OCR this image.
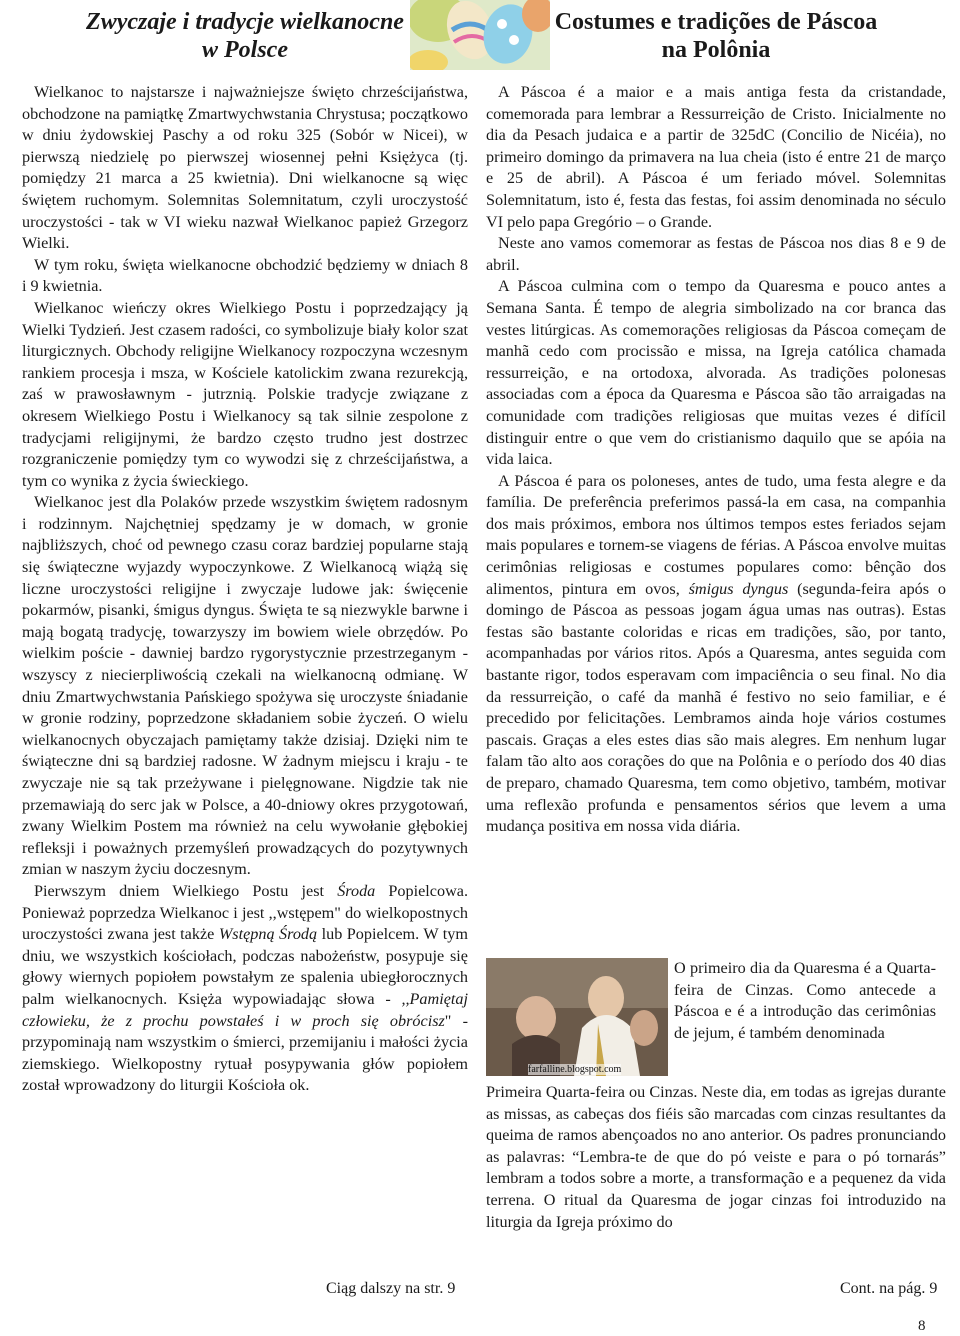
Zwyczaje i tradycje wielkanocne
w Polsce

Wielkanoc to najstarsze i najważniejsze święto chrześcijaństwa, obchodzone na pamiątkę Zmartwychwstania Chrystusa; początkowo w dniu żydowskiej Paschy a od roku 325 (Sobór w Nicei), w pierwszą niedzielę po pierwszej wiosennej pełni Księżyca (tj. pomiędzy 21 marca a 25 kwietnia). Dni wielkanocne są więc świętem ruchomym. Solemnitas Solemnitatum, czyli uroczystość uroczystości - tak w VI wieku nazwał Wielkanoc papież Grzegorz Wielki.

W tym roku, święta wielkanocne obchodzić będziemy w dniach 8 i 9 kwietnia.

Wielkanoc wieńczy okres Wielkiego Postu i poprzedzający ją Wielki Tydzień. Jest czasem radości, co symbolizuje biały kolor szat liturgicznych. Obchody religijne Wielkanocy rozpoczyna wczesnym rankiem procesja i msza, w Kościele katolickim zwana rezurekcją, zaś w prawosławnym - jutrznią. Polskie tradycje związane z okresem Wielkiego Postu i Wielkanocy są tak silnie zespolone z tradycjami religijnymi, że bardzo często trudno jest dostrzec rozgraniczenie pomiędzy tym co wywodzi się z chrześcijaństwa, a tym co wynika z życia świeckiego.

Wielkanoc jest dla Polaków przede wszystkim świętem radosnym i rodzinnym. Najchętniej spędzamy je w domach, w gronie najbliższych, choć od pewnego czasu coraz bardziej popularne stają się świąteczne wyjazdy wypoczynkowe. Z Wielkanocą wiążą się liczne uroczystości religijne i zwyczaje ludowe jak: święcenie pokarmów, pisanki, śmigus dyngus. Święta te są niezwykle barwne i mają bogatą tradycję, towarzyszy im bowiem wiele obrzędów. Po wielkim poście - dawniej bardzo rygorystycznie przestrzeganym - wszyscy z niecierpliwością czekali na wielkanocną odmianę. W dniu Zmartwychwstania Pańskiego spożywa się uroczyste śniadanie w gronie rodziny, poprzedzone składaniem sobie życzeń. O wielu wielkanocnych obyczajach pamiętamy także dzisiaj. Dzięki nim te świąteczne dni są bardziej radosne. W żadnym miejscu i kraju - te zwyczaje nie są tak przeżywane i pielęgnowane. Nigdzie tak nie przemawiają do serc jak w Polsce, a 40-dniowy okres przygotowań, zwany Wielkim Postem ma również na celu wywołanie głębokiej refleksji i poważnych przemyśleń prowadzących do pozytywnych zmian w naszym życiu doczesnym.

Pierwszym dniem Wielkiego Postu jest Środa Popielcowa. Ponieważ poprzedza Wielkanoc i jest ,,wstępem" do wielkopostnych uroczystości zwana jest także Wstępną Środą lub Popielcem. W tym dniu, we wszystkich kościołach, podczas nabożeństw, posypuje się głowy wiernych popiołem powstałym ze spalenia ubiegłorocznych palm wielkanocnych. Księża wypowiadając słowa - ,,Pamiętaj człowieku, że z prochu powstałeś i w proch się obrócisz" - przypominają nam wszystkim o śmierci, przemijaniu i małości życia ziemskiego. Wielkopostny rytuał posypywania głów popiołem został wprowadzony do liturgii Kościoła ok.

Ciąg dalszy na str. 9
Costumes e tradições de Páscoa
na Polônia

A Páscoa é a maior e a mais antiga festa da cristandade, comemorada para lembrar a Ressurreição de Cristo. Inicialmente no dia da Pesach judaica e a partir de 325dC (Concilio de Nicéia), no primeiro domingo da primavera na lua cheia (isto é entre 21 de março e 25 de abril). A Páscoa é um feriado móvel. Solemnitas Solemnitatum, isto é, festa das festas, foi assim denominada no século VI pelo papa Gregório – o Grande.

Neste ano vamos comemorar as festas de Páscoa nos dias 8 e 9 de abril.

A Páscoa culmina com o tempo da Quaresma e pouco antes a Semana Santa. É tempo de alegria simbolizado na cor branca das vestes litúrgicas. As comemorações religiosas da Páscoa começam de manhã cedo com procissão e missa, na Igreja católica chamada ressurreição, e na ortodoxa, alvorada. As tradições polonesas associadas com a época da Quaresma e Páscoa são tão arraigadas na comunidade com tradições religiosas que muitas vezes é difícil distinguir entre o que vem do cristianismo daquilo que se apóia na vida laica.

A Páscoa é para os poloneses, antes de tudo, uma festa alegre e da família. De preferência preferimos passá-la em casa, na companhia dos mais próximos, embora nos últimos tempos estes feriados sejam mais populares e tornem-se viagens de férias. A Páscoa envolve muitas cerimônias religiosas e costumes populares como: bênção dos alimentos, pintura em ovos, śmigus dyngus (segunda-feira após o domingo de Páscoa as pessoas jogam água umas nas outras). Estas festas são bastante coloridas e ricas em tradições, são, por tanto, acompanhadas por vários ritos. Após a Quaresma, antes seguida com bastante rigor, todos esperavam com impaciência o seu final. No dia da ressurreição, o café da manhã é festivo no seio familiar, e é precedido por felicitações. Lembramos ainda hoje vários costumes pascais. Graças a eles estes dias são mais alegres. Em nenhum lugar falam tão alto aos corações do que na Polônia e o período dos 40 dias de preparo, chamado Quaresma, tem como objetivo, também, motivar uma reflexão profunda e pensamentos sérios que levem a uma mudança positiva em nossa vida diária.

farfalline.blogspot.com

O primeiro dia da Quaresma é a Quarta-feira de Cinzas. Como antecede a Páscoa e é a introdução das cerimônias de jejum, é também denominada

Primeira Quarta-feira ou Cinzas. Neste dia, em todas as igrejas durante as missas, as cabeças dos fiéis são marcadas com cinzas resultantes da queima de ramos abençoados no ano anterior. Os padres pronunciando as palavras: “Lembra-te de que do pó veiste e para o pó tornarás” lembram a todos sobre a morte, a transformação e a pequenez da vida terrena. O ritual da Quaresma de jogar cinzas foi introduzido na liturgia da Igreja próximo do

Cont. na pág. 9
8
